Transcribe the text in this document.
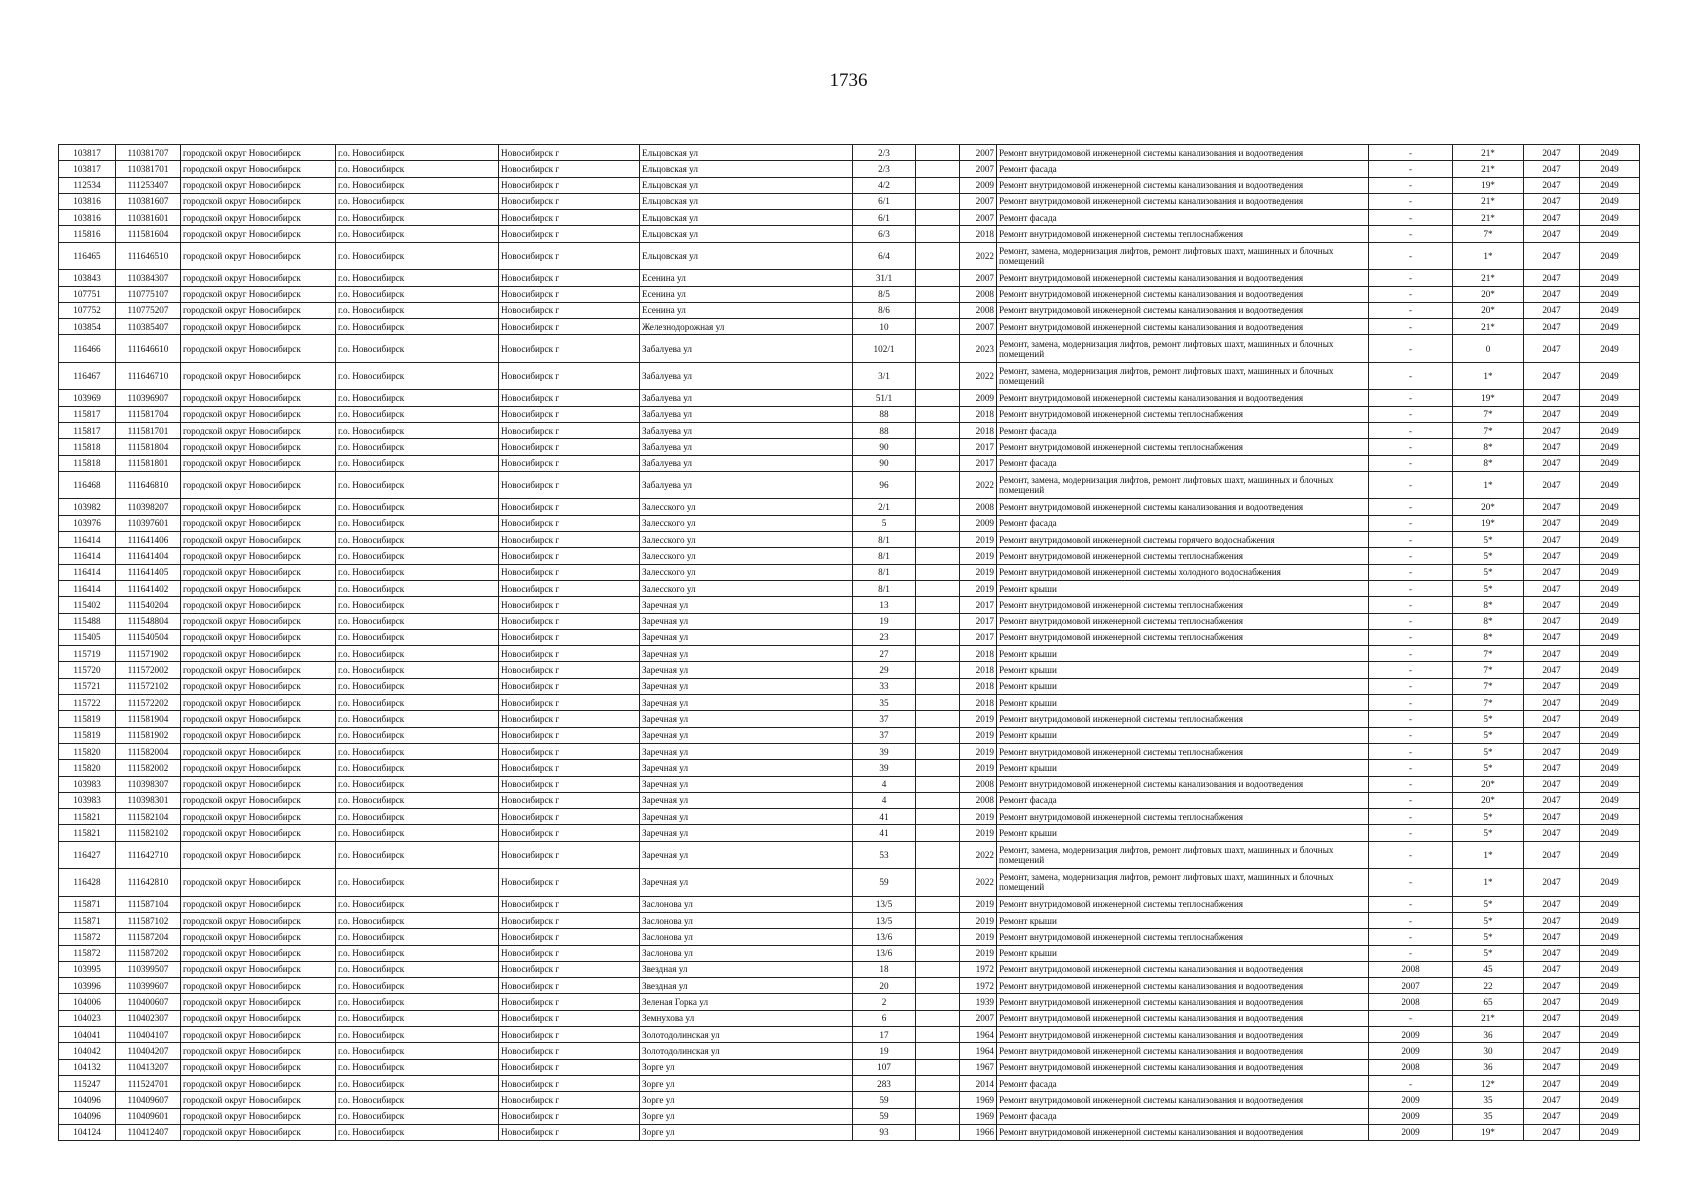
1736
103817	110381707	городской округ Новосибирск	г.о. Новосибирск	Новосибирск г	Ельцовская ул	2/3		2007	Ремонт внутридомовой инженерной системы канализования и водоотведения	-	21*	2047	2049
103817	110381701	городской округ Новосибирск	г.о. Новосибирск	Новосибирск г	Ельцовская ул	2/3		2007	Ремонт фасада	-	21*	2047	2049
112534	111253407	городской округ Новосибирск	г.о. Новосибирск	Новосибирск г	Ельцовская ул	4/2		2009	Ремонт внутридомовой инженерной системы канализования и водоотведения	-	19*	2047	2049
103816	110381607	городской округ Новосибирск	г.о. Новосибирск	Новосибирск г	Ельцовская ул	6/1		2007	Ремонт внутридомовой инженерной системы канализования и водоотведения	-	21*	2047	2049
103816	110381601	городской округ Новосибирск	г.о. Новосибирск	Новосибирск г	Ельцовская ул	6/1		2007	Ремонт фасада	-	21*	2047	2049
115816	111581604	городской округ Новосибирск	г.о. Новосибирск	Новосибирск г	Ельцовская ул	6/3		2018	Ремонт внутридомовой инженерной системы теплоснабжения	-	7*	2047	2049
116465	111646510	городской округ Новосибирск	г.о. Новосибирск	Новосибирск г	Ельцовская ул	6/4		2022	Ремонт, замена, модернизация лифтов, ремонт лифтовых шахт, машинных и блочных помещений	-	1*	2047	2049
103843	110384307	городской округ Новосибирск	г.о. Новосибирск	Новосибирск г	Есенина ул	31/1		2007	Ремонт внутридомовой инженерной системы канализования и водоотведения	-	21*	2047	2049
107751	110775107	городской округ Новосибирск	г.о. Новосибирск	Новосибирск г	Есенина ул	8/5		2008	Ремонт внутридомовой инженерной системы канализования и водоотведения	-	20*	2047	2049
107752	110775207	городской округ Новосибирск	г.о. Новосибирск	Новосибирск г	Есенина ул	8/6		2008	Ремонт внутридомовой инженерной системы канализования и водоотведения	-	20*	2047	2049
103854	110385407	городской округ Новосибирск	г.о. Новосибирск	Новосибирск г	Железнодорожная ул	10		2007	Ремонт внутридомовой инженерной системы канализования и водоотведения	-	21*	2047	2049
116466	111646610	городской округ Новосибирск	г.о. Новосибирск	Новосибирск г	Забалуева ул	102/1		2023	Ремонт, замена, модернизация лифтов, ремонт лифтовых шахт, машинных и блочных помещений	-	0	2047	2049
116467	111646710	городской округ Новосибирск	г.о. Новосибирск	Новосибирск г	Забалуева ул	3/1		2022	Ремонт, замена, модернизация лифтов, ремонт лифтовых шахт, машинных и блочных помещений	-	1*	2047	2049
103969	110396907	городской округ Новосибирск	г.о. Новосибирск	Новосибирск г	Забалуева ул	51/1		2009	Ремонт внутридомовой инженерной системы канализования и водоотведения	-	19*	2047	2049
115817	111581704	городской округ Новосибирск	г.о. Новосибирск	Новосибирск г	Забалуева ул	88		2018	Ремонт внутридомовой инженерной системы теплоснабжения	-	7*	2047	2049
115817	111581701	городской округ Новосибирск	г.о. Новосибирск	Новосибирск г	Забалуева ул	88		2018	Ремонт фасада	-	7*	2047	2049
115818	111581804	городской округ Новосибирск	г.о. Новосибирск	Новосибирск г	Забалуева ул	90		2017	Ремонт внутридомовой инженерной системы теплоснабжения	-	8*	2047	2049
115818	111581801	городской округ Новосибирск	г.о. Новосибирск	Новосибирск г	Забалуева ул	90		2017	Ремонт фасада	-	8*	2047	2049
116468	111646810	городской округ Новосибирск	г.о. Новосибирск	Новосибирск г	Забалуева ул	96		2022	Ремонт, замена, модернизация лифтов, ремонт лифтовых шахт, машинных и блочных помещений	-	1*	2047	2049
103982	110398207	городской округ Новосибирск	г.о. Новосибирск	Новосибирск г	Залесского ул	2/1		2008	Ремонт внутридомовой инженерной системы канализования и водоотведения	-	20*	2047	2049
103976	110397601	городской округ Новосибирск	г.о. Новосибирск	Новосибирск г	Залесского ул	5		2009	Ремонт фасада	-	19*	2047	2049
116414	111641406	городской округ Новосибирск	г.о. Новосибирск	Новосибирск г	Залесского ул	8/1		2019	Ремонт внутридомовой инженерной системы горячего водоснабжения	-	5*	2047	2049
116414	111641404	городской округ Новосибирск	г.о. Новосибирск	Новосибирск г	Залесского ул	8/1		2019	Ремонт внутридомовой инженерной системы теплоснабжения	-	5*	2047	2049
116414	111641405	городской округ Новосибирск	г.о. Новосибирск	Новосибирск г	Залесского ул	8/1		2019	Ремонт внутридомовой инженерной системы холодного водоснабжения	-	5*	2047	2049
116414	111641402	городской округ Новосибирск	г.о. Новосибирск	Новосибирск г	Залесского ул	8/1		2019	Ремонт крыши	-	5*	2047	2049
115402	111540204	городской округ Новосибирск	г.о. Новосибирск	Новосибирск г	Заречная ул	13		2017	Ремонт внутридомовой инженерной системы теплоснабжения	-	8*	2047	2049
115488	111548804	городской округ Новосибирск	г.о. Новосибирск	Новосибирск г	Заречная ул	19		2017	Ремонт внутридомовой инженерной системы теплоснабжения	-	8*	2047	2049
115405	111540504	городской округ Новосибирск	г.о. Новосибирск	Новосибирск г	Заречная ул	23		2017	Ремонт внутридомовой инженерной системы теплоснабжения	-	8*	2047	2049
115719	111571902	городской округ Новосибирск	г.о. Новосибирск	Новосибирск г	Заречная ул	27		2018	Ремонт крыши	-	7*	2047	2049
115720	111572002	городской округ Новосибирск	г.о. Новосибирск	Новосибирск г	Заречная ул	29		2018	Ремонт крыши	-	7*	2047	2049
115721	111572102	городской округ Новосибирск	г.о. Новосибирск	Новосибирск г	Заречная ул	33		2018	Ремонт крыши	-	7*	2047	2049
115722	111572202	городской округ Новосибирск	г.о. Новосибирск	Новосибирск г	Заречная ул	35		2018	Ремонт крыши	-	7*	2047	2049
115819	111581904	городской округ Новосибирск	г.о. Новосибирск	Новосибирск г	Заречная ул	37		2019	Ремонт внутридомовой инженерной системы теплоснабжения	-	5*	2047	2049
115819	111581902	городской округ Новосибирск	г.о. Новосибирск	Новосибирск г	Заречная ул	37		2019	Ремонт крыши	-	5*	2047	2049
115820	111582004	городской округ Новосибирск	г.о. Новосибирск	Новосибирск г	Заречная ул	39		2019	Ремонт внутридомовой инженерной системы теплоснабжения	-	5*	2047	2049
115820	111582002	городской округ Новосибирск	г.о. Новосибирск	Новосибирск г	Заречная ул	39		2019	Ремонт крыши	-	5*	2047	2049
103983	110398307	городской округ Новосибирск	г.о. Новосибирск	Новосибирск г	Заречная ул	4		2008	Ремонт внутридомовой инженерной системы канализования и водоотведения	-	20*	2047	2049
103983	110398301	городской округ Новосибирск	г.о. Новосибирск	Новосибирск г	Заречная ул	4		2008	Ремонт фасада	-	20*	2047	2049
115821	111582104	городской округ Новосибирск	г.о. Новосибирск	Новосибирск г	Заречная ул	41		2019	Ремонт внутридомовой инженерной системы теплоснабжения	-	5*	2047	2049
115821	111582102	городской округ Новосибирск	г.о. Новосибирск	Новосибирск г	Заречная ул	41		2019	Ремонт крыши	-	5*	2047	2049
116427	111642710	городской округ Новосибирск	г.о. Новосибирск	Новосибирск г	Заречная ул	53		2022	Ремонт, замена, модернизация лифтов, ремонт лифтовых шахт, машинных и блочных помещений	-	1*	2047	2049
116428	111642810	городской округ Новосибирск	г.о. Новосибирск	Новосибирск г	Заречная ул	59		2022	Ремонт, замена, модернизация лифтов, ремонт лифтовых шахт, машинных и блочных помещений	-	1*	2047	2049
115871	111587104	городской округ Новосибирск	г.о. Новосибирск	Новосибирск г	Заслонова ул	13/5		2019	Ремонт внутридомовой инженерной системы теплоснабжения	-	5*	2047	2049
115871	111587102	городской округ Новосибирск	г.о. Новосибирск	Новосибирск г	Заслонова ул	13/5		2019	Ремонт крыши	-	5*	2047	2049
115872	111587204	городской округ Новосибирск	г.о. Новосибирск	Новосибирск г	Заслонова ул	13/6		2019	Ремонт внутридомовой инженерной системы теплоснабжения	-	5*	2047	2049
115872	111587202	городской округ Новосибирск	г.о. Новосибирск	Новосибирск г	Заслонова ул	13/6		2019	Ремонт крыши	-	5*	2047	2049
103995	110399507	городской округ Новосибирск	г.о. Новосибирск	Новосибирск г	Звездная ул	18		1972	Ремонт внутридомовой инженерной системы канализования и водоотведения	2008	45	2047	2049
103996	110399607	городской округ Новосибирск	г.о. Новосибирск	Новосибирск г	Звездная ул	20		1972	Ремонт внутридомовой инженерной системы канализования и водоотведения	2007	22	2047	2049
104006	110400607	городской округ Новосибирск	г.о. Новосибирск	Новосибирск г	Зеленая Горка ул	2		1939	Ремонт внутридомовой инженерной системы канализования и водоотведения	2008	65	2047	2049
104023	110402307	городской округ Новосибирск	г.о. Новосибирск	Новосибирск г	Земнухова ул	6		2007	Ремонт внутридомовой инженерной системы канализования и водоотведения	-	21*	2047	2049
104041	110404107	городской округ Новосибирск	г.о. Новосибирск	Новосибирск г	Золотодолинская ул	17		1964	Ремонт внутридомовой инженерной системы канализования и водоотведения	2009	36	2047	2049
104042	110404207	городской округ Новосибирск	г.о. Новосибирск	Новосибирск г	Золотодолинская ул	19		1964	Ремонт внутридомовой инженерной системы канализования и водоотведения	2009	30	2047	2049
104132	110413207	городской округ Новосибирск	г.о. Новосибирск	Новосибирск г	Зорге ул	107		1967	Ремонт внутридомовой инженерной системы канализования и водоотведения	2008	36	2047	2049
115247	111524701	городской округ Новосибирск	г.о. Новосибирск	Новосибирск г	Зорге ул	283		2014	Ремонт фасада	-	12*	2047	2049
104096	110409607	городской округ Новосибирск	г.о. Новосибирск	Новосибирск г	Зорге ул	59		1969	Ремонт внутридомовой инженерной системы канализования и водоотведения	2009	35	2047	2049
104096	110409601	городской округ Новосибирск	г.о. Новосибирск	Новосибирск г	Зорге ул	59		1969	Ремонт фасада	2009	35	2047	2049
104124	110412407	городской округ Новосибирск	г.о. Новосибирск	Новосибирск г	Зорге ул	93		1966	Ремонт внутридомовой инженерной системы канализования и водоотведения	2009	19*	2047	2049
